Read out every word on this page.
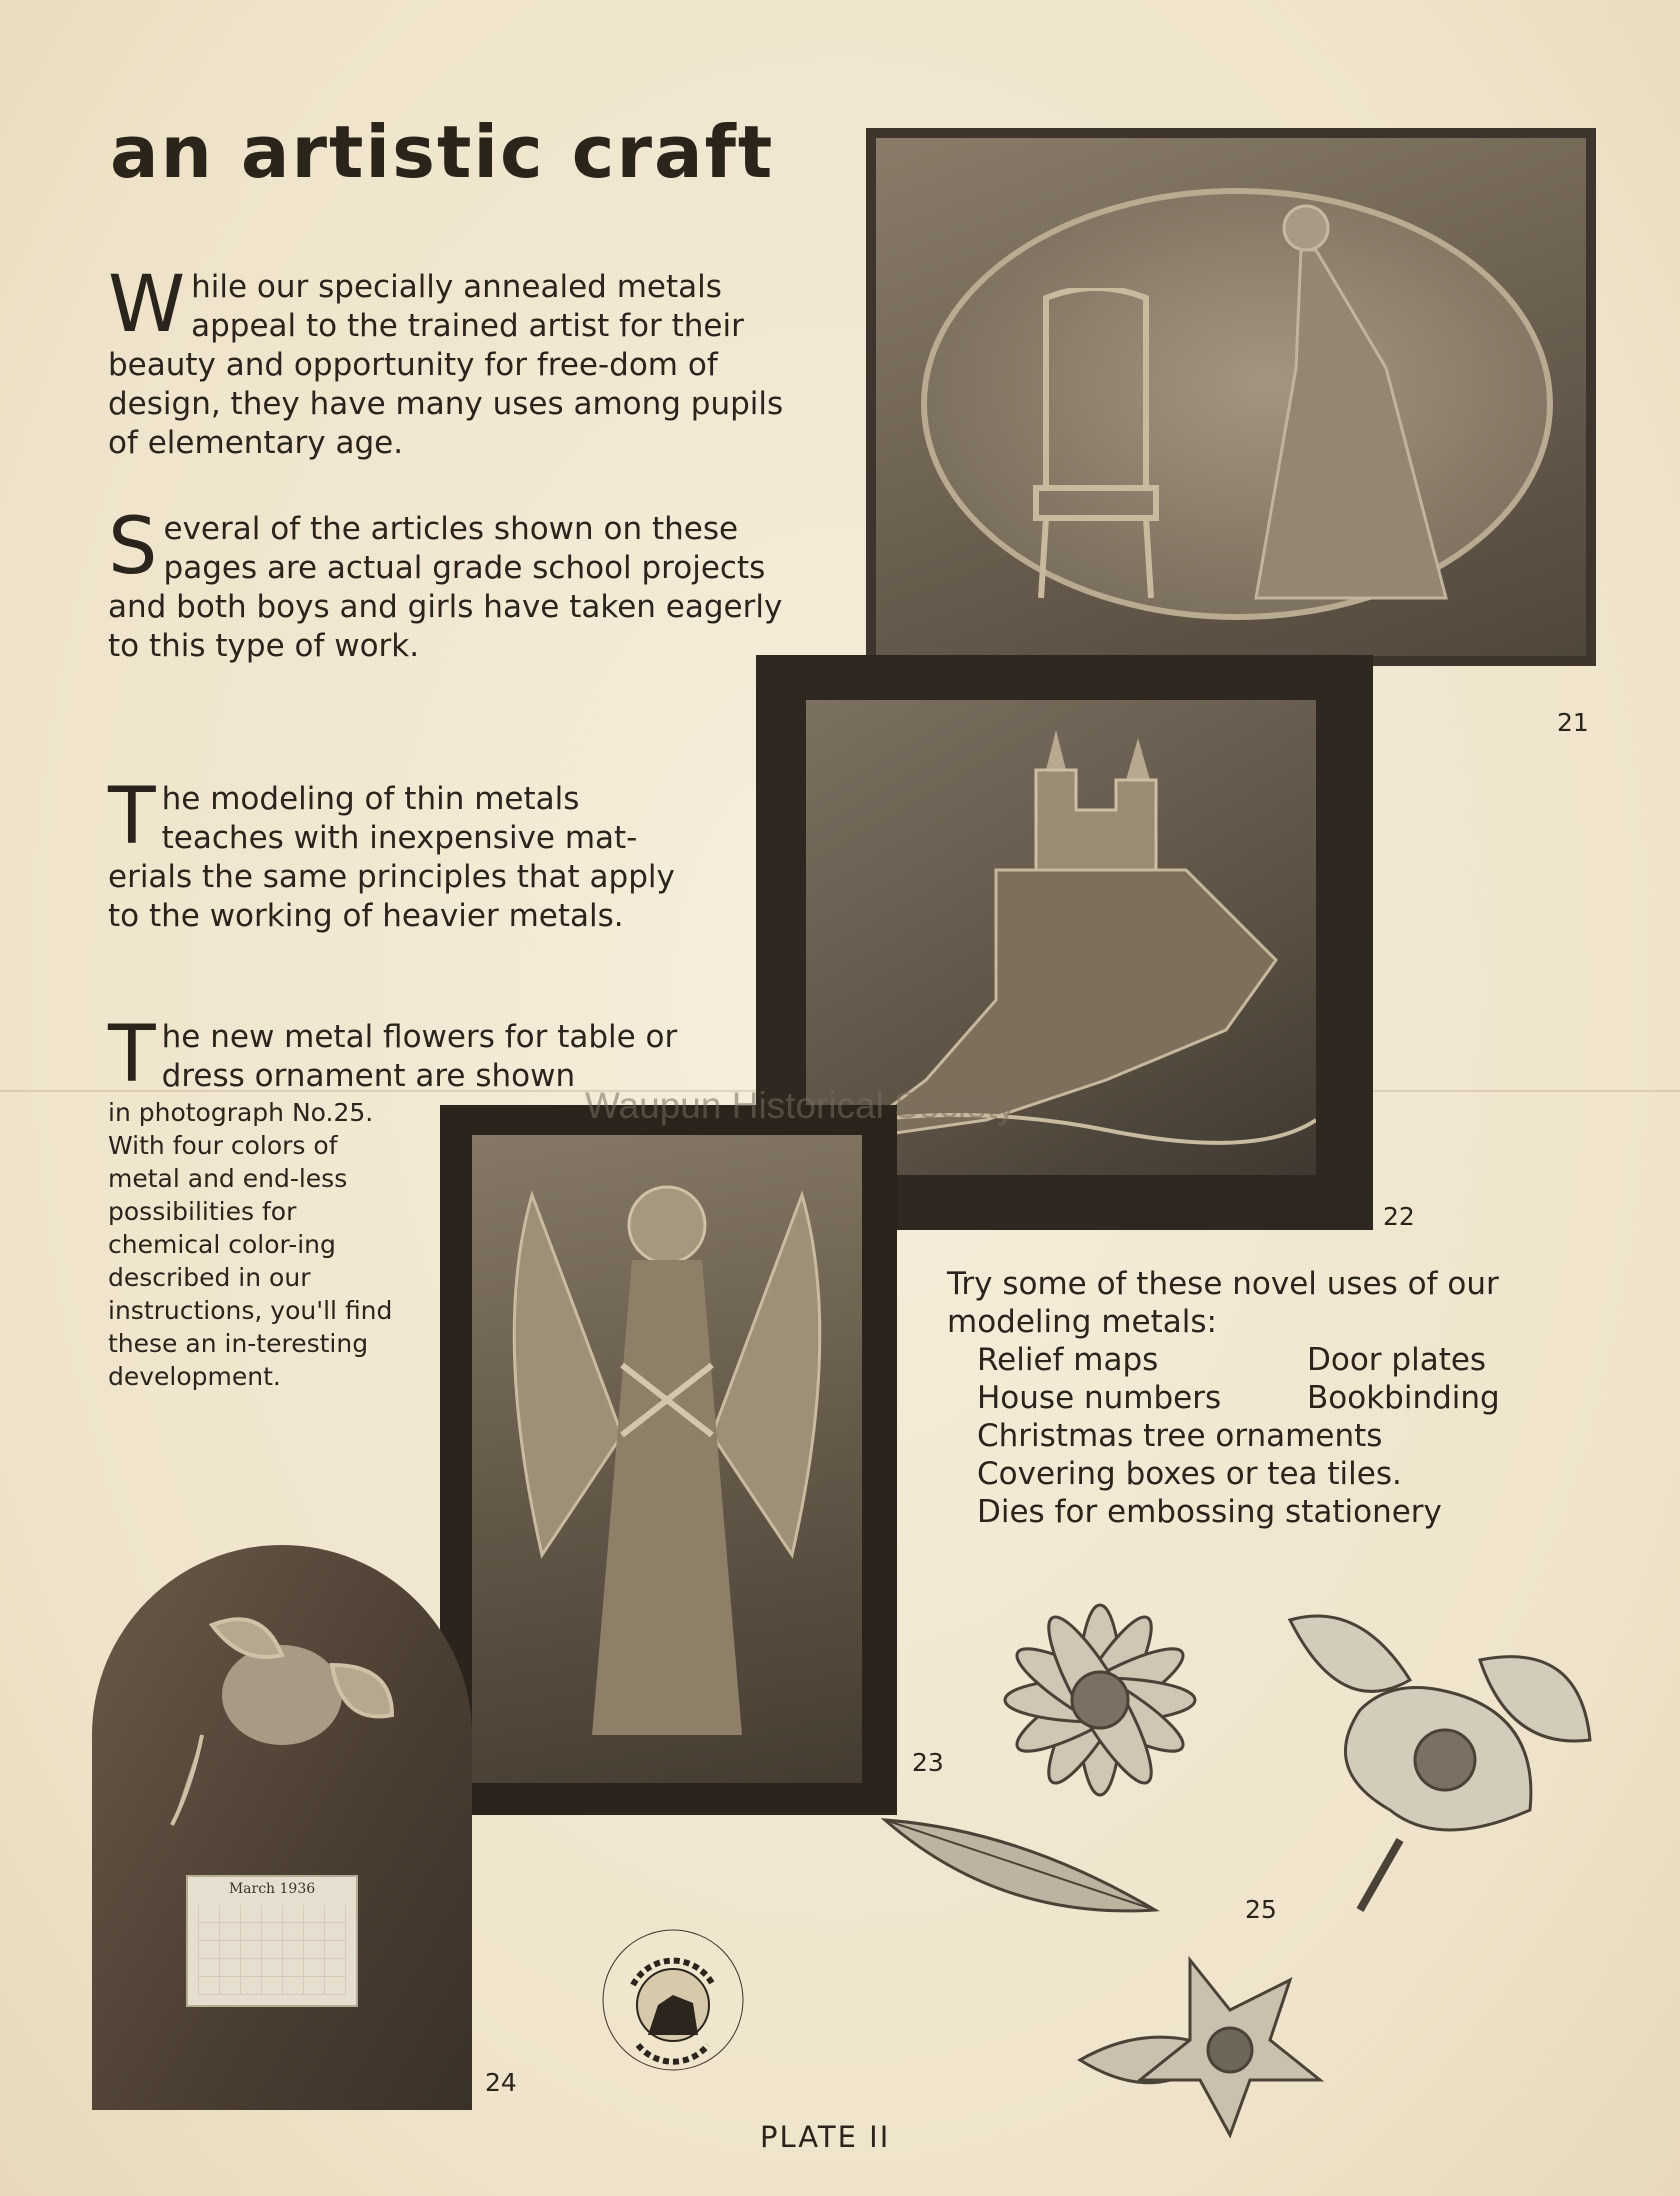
an artistic craft
W hile our specially annealed metals appeal to the trained artist for their beauty and opportunity for free-dom of design, they have many uses among pupils of elementary age.
S everal of the articles shown on these pages are actual grade school projects and both boys and girls have taken eagerly to this type of work.
T he modeling of thin metals teaches with inexpensive mat-erials the same principles that apply to the working of heavier metals.
T he new metal flowers for table or dress ornament are shown
in photograph No.25. With four colors of metal and end-less possibilities for chemical color-ing described in our instructions, you'll find these an in-teresting development.
March 1936
Waupun Historical Society
21
22
23
24
25
Try some of these novel uses of our modeling metals:
Relief maps	Door plates
House numbers	Bookbinding
Christmas tree ornaments
Covering boxes or tea tiles.
Dies for embossing stationery
PLATE II
